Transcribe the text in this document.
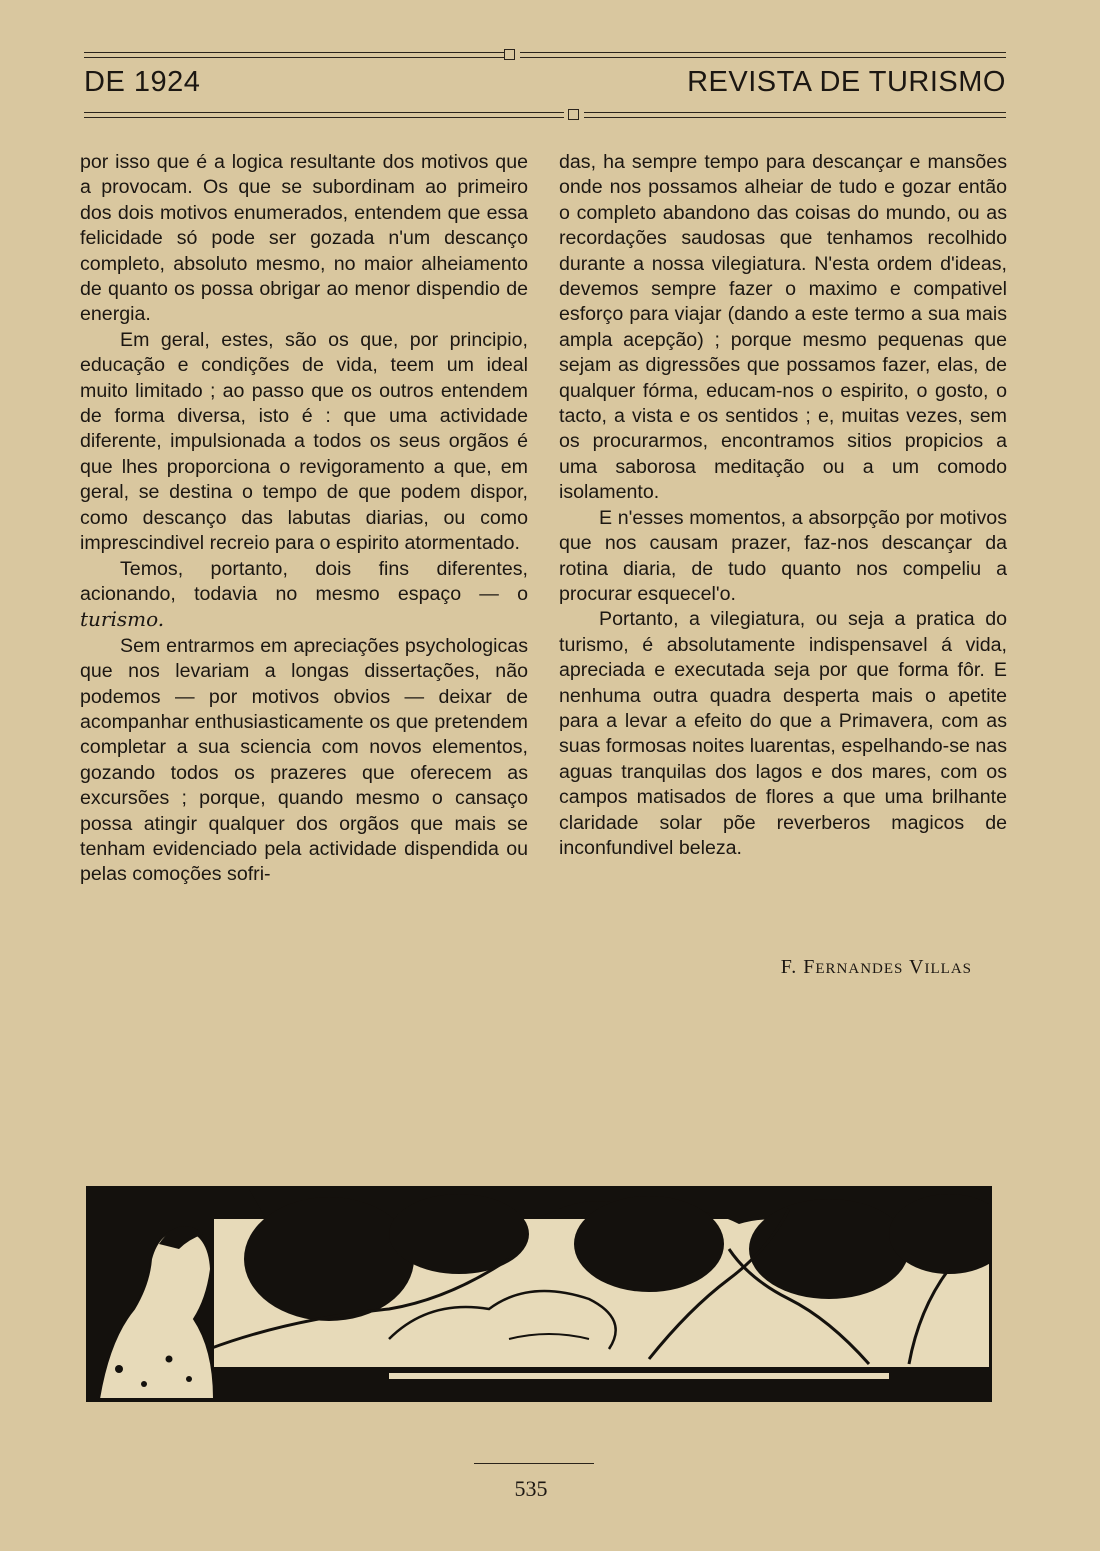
DE 1924	REVISTA DE TURISMO

por isso que é a logica resultante dos motivos que a provocam. Os que se subordinam ao primeiro dos dois motivos enumerados, entendem que essa felicidade só pode ser gozada n'um descanço completo, absoluto mesmo, no maior alheiamento de quanto os possa obrigar ao menor dispendio de energia.

Em geral, estes, são os que, por principio, educação e condições de vida, teem um ideal muito limitado ; ao passo que os outros entendem de forma diversa, isto é : que uma actividade diferente, impulsionada a todos os seus orgãos é que lhes proporciona o revigoramento a que, em geral, se destina o tempo de que podem dispor, como descanço das labutas diarias, ou como imprescindivel recreio para o espirito atormentado.

Temos, portanto, dois fins diferentes, acionando, todavia no mesmo espaço — o turismo.

Sem entrarmos em apreciações psychologicas que nos levariam a longas dissertações, não podemos — por motivos obvios — deixar de acompanhar enthusiasticamente os que pretendem completar a sua sciencia com novos elementos, gozando todos os prazeres que oferecem as excursões ; porque, quando mesmo o cansaço possa atingir qualquer dos orgãos que mais se tenham evidenciado pela actividade dispendida ou pelas comoções sofri-

das, ha sempre tempo para descançar e mansões onde nos possamos alheiar de tudo e gozar então o completo abandono das coisas do mundo, ou as recordações saudosas que tenhamos recolhido durante a nossa vilegiatura. N'esta ordem d'ideas, devemos sempre fazer o maximo e compativel esforço para viajar (dando a este termo a sua mais ampla acepção) ; porque mesmo pequenas que sejam as digressões que possamos fazer, elas, de qualquer fórma, educam-nos o espirito, o gosto, o tacto, a vista e os sentidos ; e, muitas vezes, sem os procurarmos, encontramos sitios propicios a uma saborosa meditação ou a um comodo isolamento.

E n'esses momentos, a absorpção por motivos que nos causam prazer, faz-nos descançar da rotina diaria, de tudo quanto nos compeliu a procurar esquecel'o.

Portanto, a vilegiatura, ou seja a pratica do turismo, é absolutamente indispensavel á vida, apreciada e executada seja por que forma fôr. E nenhuma outra quadra desperta mais o apetite para a levar a efeito do que a Primavera, com as suas formosas noites luarentas, espelhando-se nas aguas tranquilas dos lagos e dos mares, com os campos matisados de flores a que uma brilhante claridade solar põe reverberos magicos de inconfundivel beleza.

F. FERNANDES VILLAS
535
